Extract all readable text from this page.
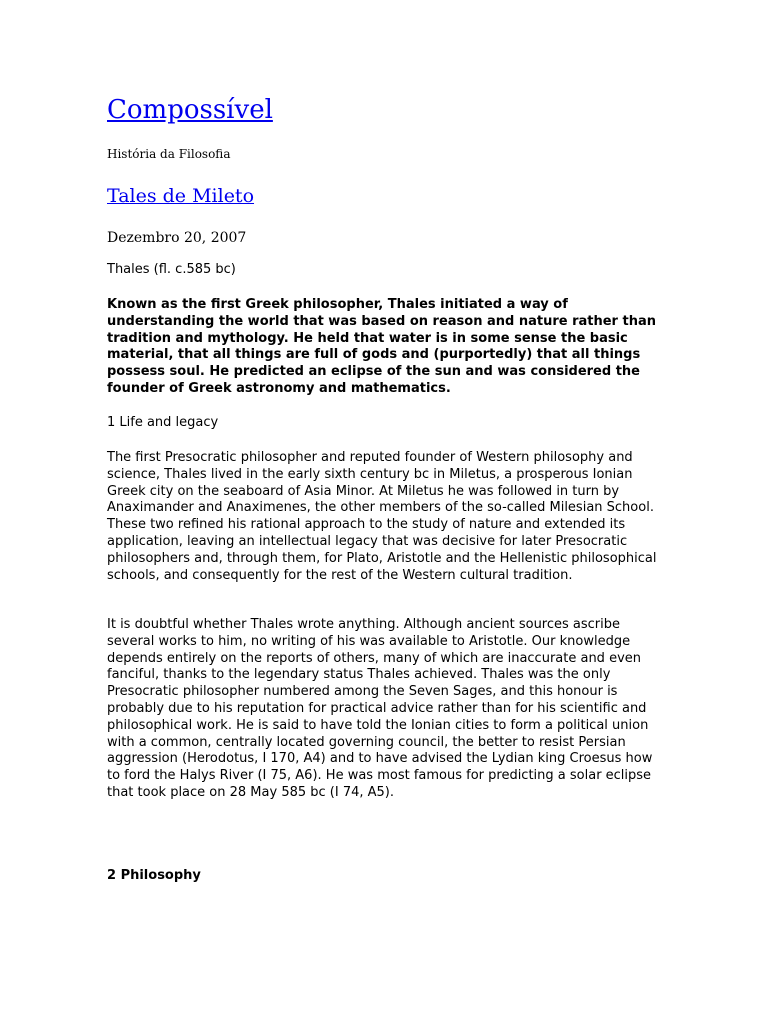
Compossível

História da Filosofia

Tales de Mileto

Dezembro 20, 2007

Thales (fl. c.585 bc)

Known as the first Greek philosopher, Thales initiated a way of understanding the world that was based on reason and nature rather than tradition and mythology. He held that water is in some sense the basic material, that all things are full of gods and (purportedly) that all things possess soul. He predicted an eclipse of the sun and was considered the founder of Greek astronomy and mathematics.

1 Life and legacy

The first Presocratic philosopher and reputed founder of Western philosophy and science, Thales lived in the early sixth century bc in Miletus, a prosperous Ionian Greek city on the seaboard of Asia Minor. At Miletus he was followed in turn by Anaximander and Anaximenes, the other members of the so-called Milesian School. These two refined his rational approach to the study of nature and extended its application, leaving an intellectual legacy that was decisive for later Presocratic philosophers and, through them, for Plato, Aristotle and the Hellenistic philosophical schools, and consequently for the rest of the Western cultural tradition.

It is doubtful whether Thales wrote anything. Although ancient sources ascribe several works to him, no writing of his was available to Aristotle. Our knowledge depends entirely on the reports of others, many of which are inaccurate and even fanciful, thanks to the legendary status Thales achieved. Thales was the only Presocratic philosopher numbered among the Seven Sages, and this honour is probably due to his reputation for practical advice rather than for his scientific and philosophical work. He is said to have told the Ionian cities to form a political union with a common, centrally located governing council, the better to resist Persian aggression (Herodotus, I 170, A4) and to have advised the Lydian king Croesus how to ford the Halys River (I 75, A6). He was most famous for predicting a solar eclipse that took place on 28 May 585 bc (I 74, A5).

2 Philosophy
